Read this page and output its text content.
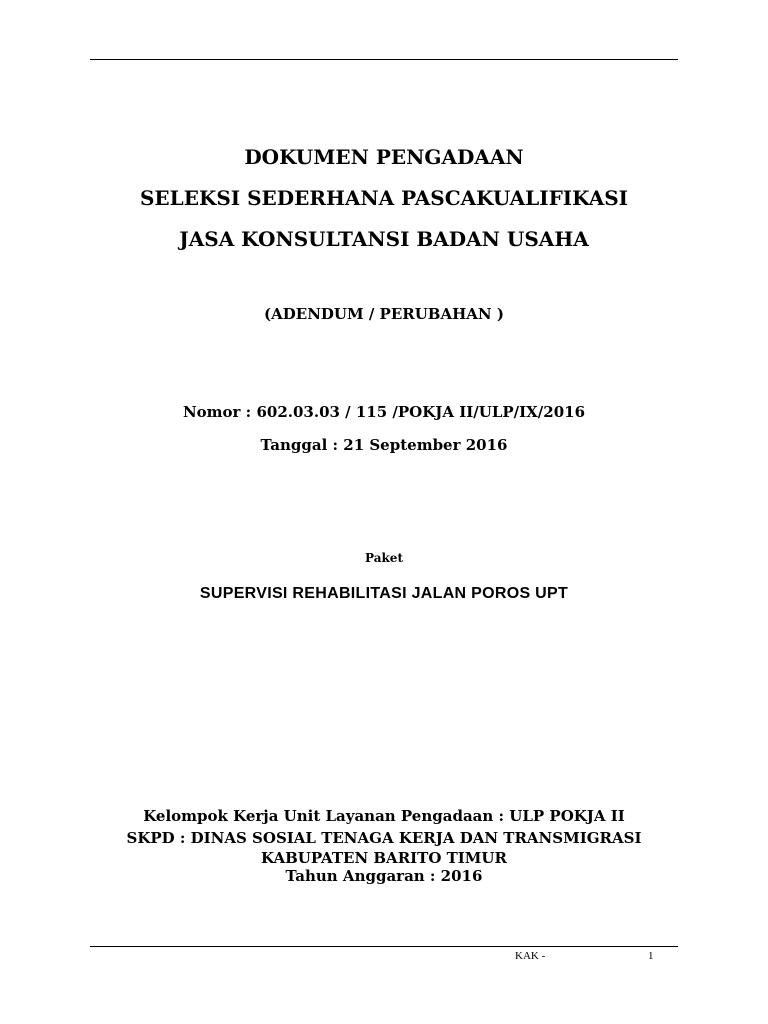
DOKUMEN PENGADAAN
SELEKSI SEDERHANA PASCAKUALIFIKASI
JASA KONSULTANSI BADAN USAHA
(ADENDUM / PERUBAHAN )
Nomor : 602.03.03 / 115 /POKJA II/ULP/IX/2016
Tanggal : 21 September 2016
Paket
SUPERVISI REHABILITASI JALAN POROS UPT
Kelompok Kerja Unit Layanan Pengadaan : ULP POKJA II
SKPD : DINAS SOSIAL TENAGA KERJA DAN TRANSMIGRASI
KABUPATEN BARITO TIMUR
Tahun Anggaran : 2016
KAK -	1
